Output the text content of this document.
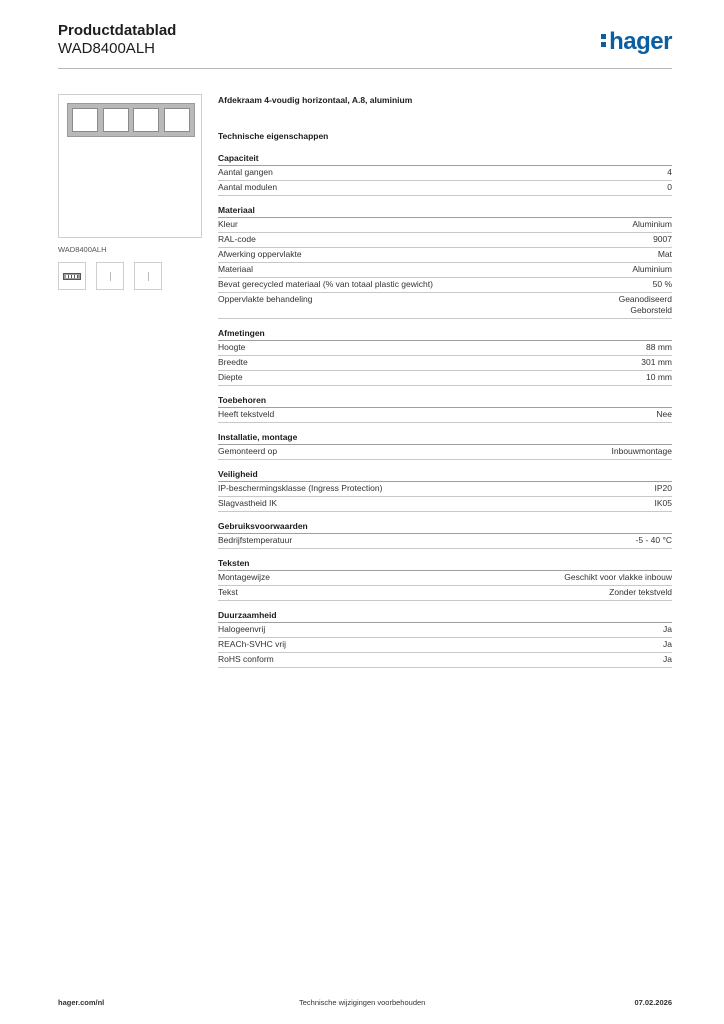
Productdatablad
WAD8400ALH	hager
WAD8400ALH
Afdekraam 4-voudig horizontaal, A.8, aluminium
Technische eigenschappen
Capaciteit
Aantal gangen	4
Aantal modulen	0
Materiaal
Kleur	Aluminium
RAL-code	9007
Afwerking oppervlakte	Mat
Materiaal	Aluminium
Bevat gerecycled materiaal (% van totaal plastic gewicht)	50 %
Oppervlakte behandeling	Geanodiseerd
Geborsteld
Afmetingen
Hoogte	88 mm
Breedte	301 mm
Diepte	10 mm
Toebehoren
Heeft tekstveld	Nee
Installatie, montage
Gemonteerd op	Inbouwmontage
Veiligheid
IP-beschermingsklasse (Ingress Protection)	IP20
Slagvastheid IK	IK05
Gebruiksvoorwaarden
Bedrijfstemperatuur	-5 - 40 °C
Teksten
Montagewijze	Geschikt voor vlakke inbouw
Tekst	Zonder tekstveld
Duurzaamheid
Halogeenvrij	Ja
REACh-SVHC vrij	Ja
RoHS conform	Ja
hager.com/nl	Technische wijzigingen voorbehouden	07.02.2026
